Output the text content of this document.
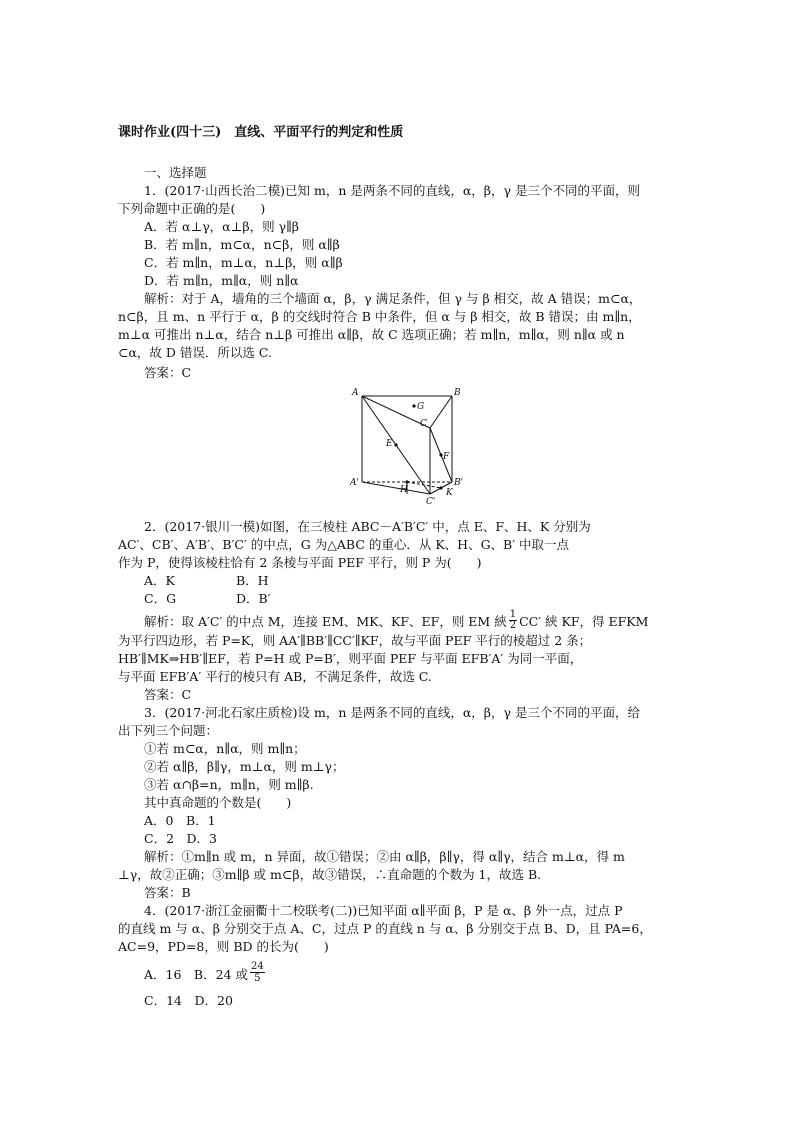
课时作业(四十三)　直线、平面平行的判定和性质
一、选择题
1．(2017·山西长治二模)已知 m，n 是两条不同的直线，α，β，γ 是三个不同的平面，则
下列命题中正确的是(　　)
A．若 α⊥γ，α⊥β，则 γ∥β
B．若 m∥n，m⊂α，n⊂β，则 α∥β
C．若 m∥n，m⊥α，n⊥β，则 α∥β
D．若 m∥n，m∥α，则 n∥α
解析：对于 A，墙角的三个墙面 α，β，γ 满足条件，但 γ 与 β 相交，故 A 错误；m⊂α，
n⊂β，且 m、n 平行于 α，β 的交线时符合 B 中条件，但 α 与 β 相交，故 B 错误；由 m∥n，
m⊥α 可推出 n⊥α，结合 n⊥β 可推出 α∥β，故 C 选项正确；若 m∥n，m∥α，则 n∥α 或 n
⊂α，故 D 错误．所以选 C.
答案：C
A	B
G
C
E
F
A'	B'
H
C'
K
2．(2017·银川一模)如图，在三棱柱 ABC－A′B′C′ 中，点 E、F、H、K 分别为
AC′、CB′、A′B′、B′C′ 的中点，G 为△ABC 的重心．从 K、H、G、B′ 中取一点
作为 P，使得该棱柱恰有 2 条棱与平面 PEF 平行，则 P 为(　　)
A．K	B．H
C．G	D．B′
解析：取 A′C′ 的中点 M，连接 EM、MK、KF、EF，则 EM 綊 $\frac{1}{2} CC'$ 綊 KF，得 EFKM
为平行四边形，若 P=K，则 AA′∥BB′∥CC′∥KF，故与平面 PEF 平行的棱超过 2 条；
HB′∥MK⇒HB′∥EF，若 P=H 或 P=B′，则平面 PEF 与平面 EFB′A′ 为同一平面，
与平面 EFB′A′ 平行的棱只有 AB，不满足条件，故选 C.
答案：C
3．(2017·河北石家庄质检)设 m，n 是两条不同的直线，α，β，γ 是三个不同的平面，给
出下列三个问题：
①若 m⊂α，n∥α，则 m∥n；
②若 α∥β，β∥γ，m⊥α，则 m⊥γ；
③若 α∩β=n，m∥n，则 m∥β.
其中真命题的个数是(　　)
A．0　B．1
C．2　D．3
解析：①m∥n 或 m，n 异面，故①错误；②由 α∥β，β∥γ，得 α∥γ，结合 m⊥α，得 m
⊥γ，故②正确；③m∥β 或 m⊂β，故③错误，∴直命题的个数为 1，故选 B.
答案：B
4．(2017·浙江金丽衢十二校联考(二))已知平面 α∥平面 β，P 是 α、β 外一点，过点 P
的直线 m 与 α、β 分别交于点 A、C，过点 P 的直线 n 与 α、β 分别交于点 B、D，且 PA=6，
AC=9，PD=8，则 BD 的长为(　　)
A．16　B．24 或 $\frac{24}{5}$
C．14　D．20
